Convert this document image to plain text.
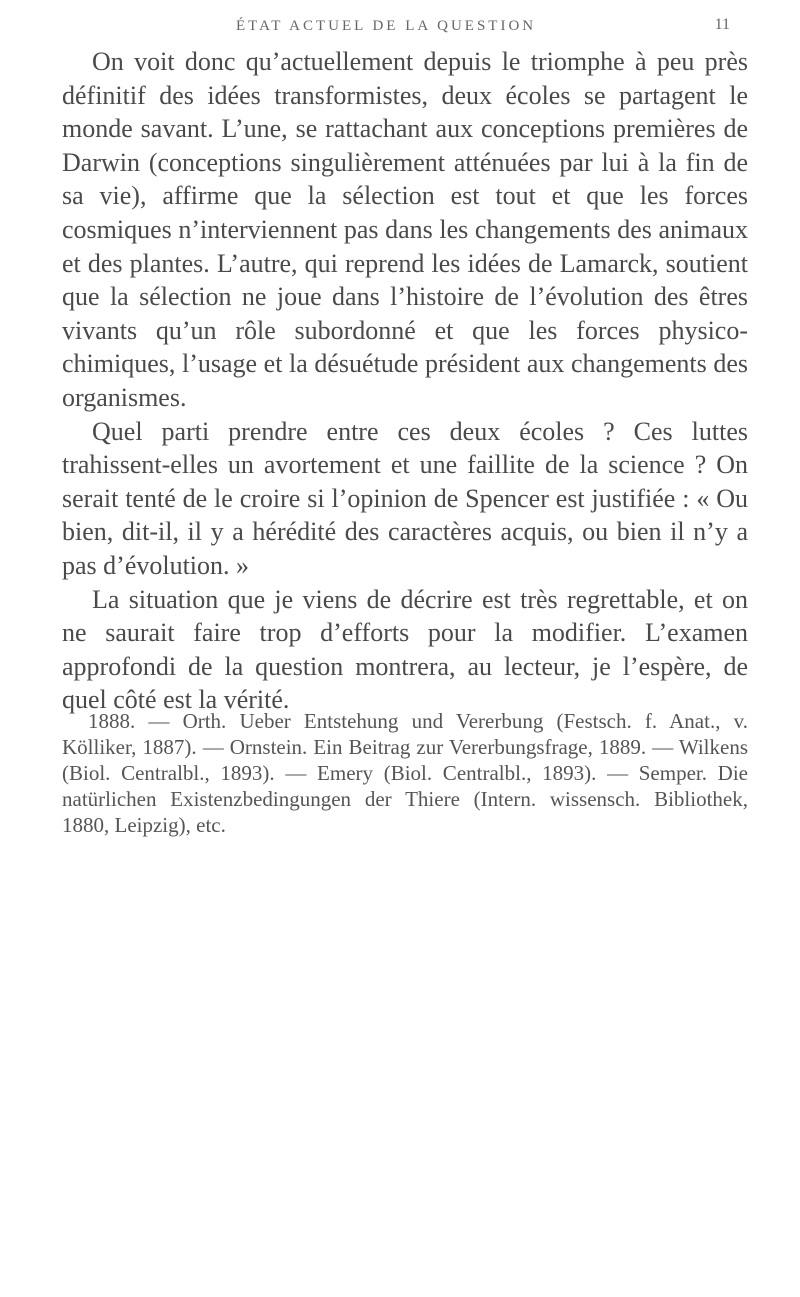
ÉTAT ACTUEL DE LA QUESTION	11

On voit donc qu’actuellement depuis le triomphe à peu près définitif des idées transformistes, deux écoles se partagent le monde savant. L’une, se rattachant aux conceptions premières de Darwin (conceptions singulièrement atténuées par lui à la fin de sa vie), affirme que la sélection est tout et que les forces cosmiques n’interviennent pas dans les changements des animaux et des plantes. L’autre, qui reprend les idées de Lamarck, soutient que la sélection ne joue dans l’histoire de l’évolution des êtres vivants qu’un rôle subordonné et que les forces physico-chimiques, l’usage et la désuétude président aux changements des organismes.

Quel parti prendre entre ces deux écoles ? Ces luttes trahissent-elles un avortement et une faillite de la science ? On serait tenté de le croire si l’opinion de Spencer est justifiée : « Ou bien, dit-il, il y a hérédité des caractères acquis, ou bien il n’y a pas d’évolution. »

La situation que je viens de décrire est très regrettable, et on ne saurait faire trop d’efforts pour la modifier. L’examen approfondi de la question montrera, au lecteur, je l’espère, de quel côté est la vérité.

1888. — Orth. Ueber Entstehung und Vererbung (Festsch. f. Anat., v. Kölliker, 1887). — Ornstein. Ein Beitrag zur Vererbungsfrage, 1889. — Wilkens (Biol. Centralbl., 1893). — Emery (Biol. Centralbl., 1893). — Semper. Die natürlichen Existenzbedingungen der Thiere (Intern. wissensch. Bibliothek, 1880, Leipzig), etc.
